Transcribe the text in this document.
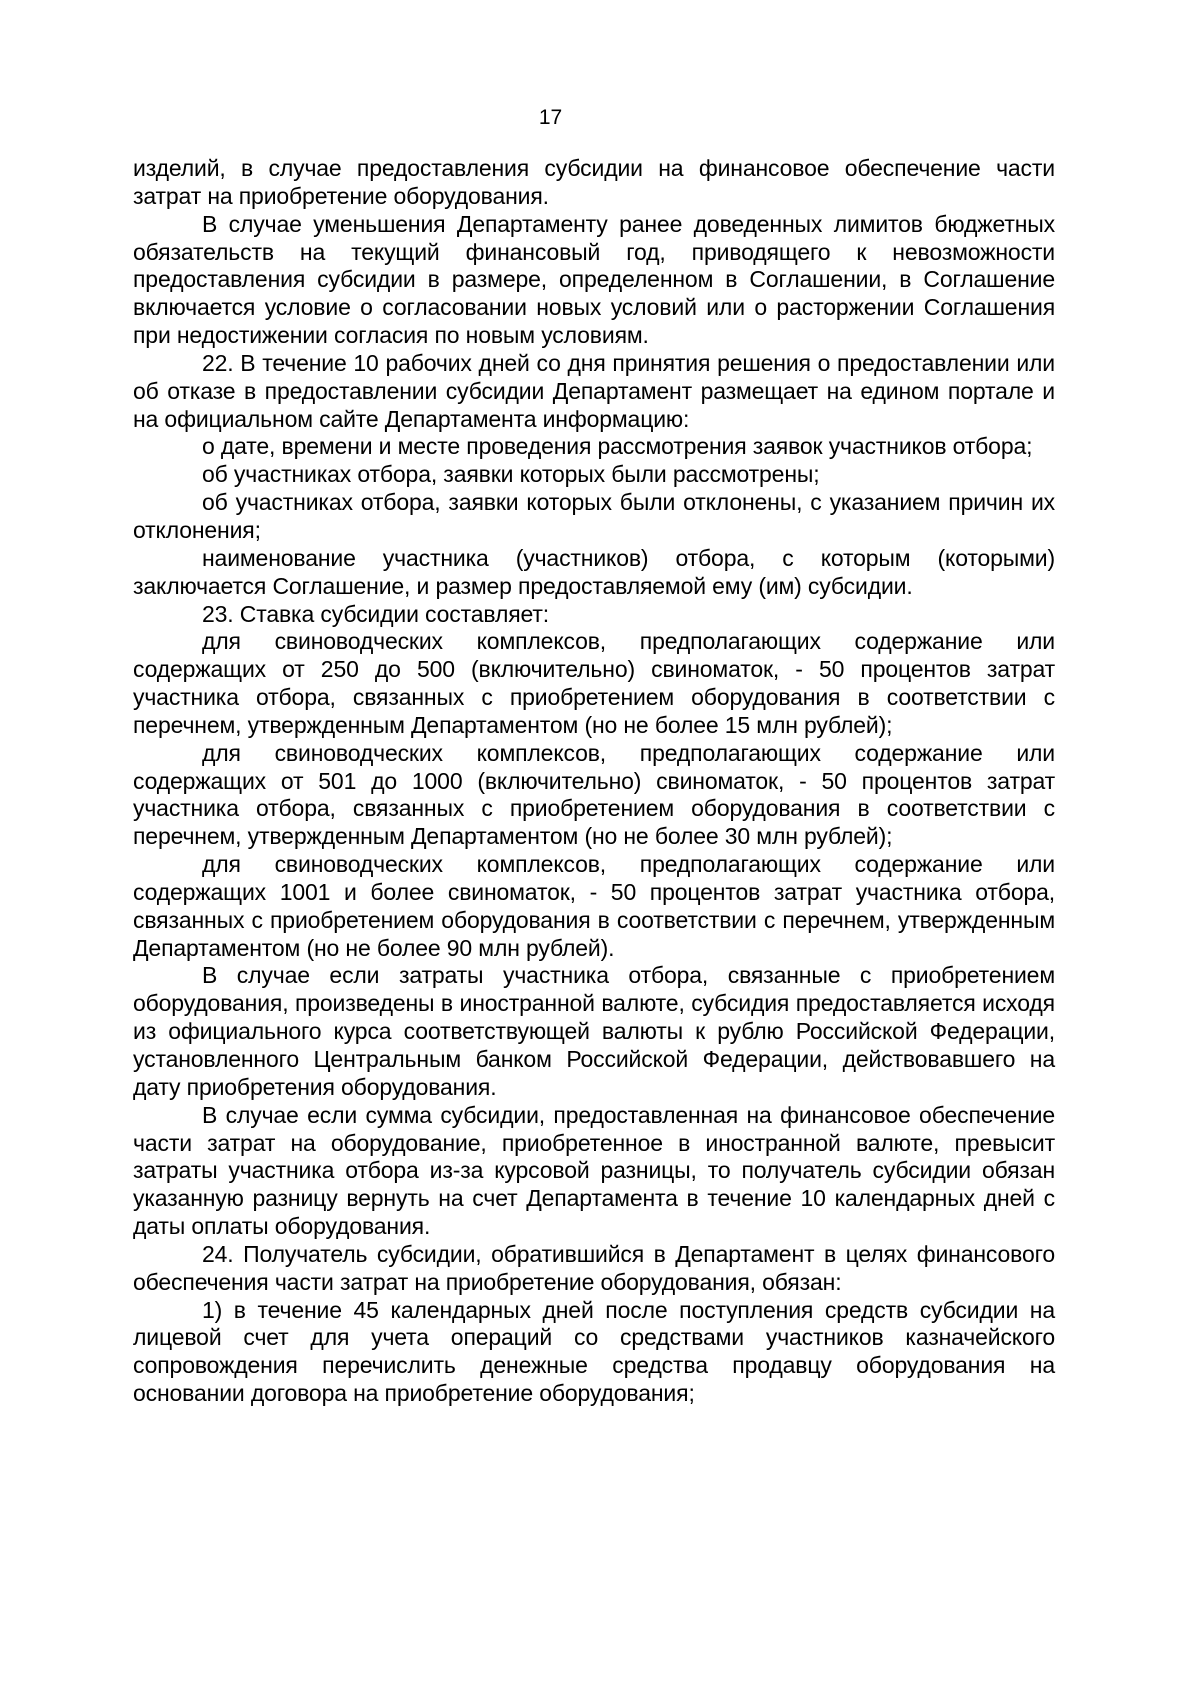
17

изделий, в случае предоставления субсидии на финансовое обеспечение части затрат на приобретение оборудования.

В случае уменьшения Департаменту ранее доведенных лимитов бюджетных обязательств на текущий финансовый год, приводящего к невозможности предоставления субсидии в размере, определенном в Соглашении, в Соглашение включается условие о согласовании новых условий или о расторжении Соглашения при недостижении согласия по новым условиям.

22. В течение 10 рабочих дней со дня принятия решения о предоставлении или об отказе в предоставлении субсидии Департамент размещает на едином портале и на официальном сайте Департамента информацию:

о дате, времени и месте проведения рассмотрения заявок участников отбора;

об участниках отбора, заявки которых были рассмотрены;

об участниках отбора, заявки которых были отклонены, с указанием причин их отклонения;

наименование участника (участников) отбора, с которым (которыми) заключается Соглашение, и размер предоставляемой ему (им) субсидии.

23. Ставка субсидии составляет:

для свиноводческих комплексов, предполагающих содержание или содержащих от 250 до 500 (включительно) свиноматок, - 50 процентов затрат участника отбора, связанных с приобретением оборудования в соответствии с перечнем, утвержденным Департаментом (но не более 15 млн рублей);

для свиноводческих комплексов, предполагающих содержание или содержащих от 501 до 1000 (включительно) свиноматок, - 50 процентов затрат участника отбора, связанных с приобретением оборудования в соответствии с перечнем, утвержденным Департаментом (но не более 30 млн рублей);

для свиноводческих комплексов, предполагающих содержание или содержащих 1001 и более свиноматок, - 50 процентов затрат участника отбора, связанных с приобретением оборудования в соответствии с перечнем, утвержденным Департаментом (но не более 90 млн рублей).

В случае если затраты участника отбора, связанные с приобретением оборудования, произведены в иностранной валюте, субсидия предоставляется исходя из официального курса соответствующей валюты к рублю Российской Федерации, установленного Центральным банком Российской Федерации, действовавшего на дату приобретения оборудования.

В случае если сумма субсидии, предоставленная на финансовое обеспечение части затрат на оборудование, приобретенное в иностранной валюте, превысит затраты участника отбора из-за курсовой разницы, то получатель субсидии обязан указанную разницу вернуть на счет Департамента в течение 10 календарных дней с даты оплаты оборудования.

24. Получатель субсидии, обратившийся в Департамент в целях финансового обеспечения части затрат на приобретение оборудования, обязан:

1) в течение 45 календарных дней после поступления средств субсидии на лицевой счет для учета операций со средствами участников казначейского сопровождения перечислить денежные средства продавцу оборудования на основании договора на приобретение оборудования;
